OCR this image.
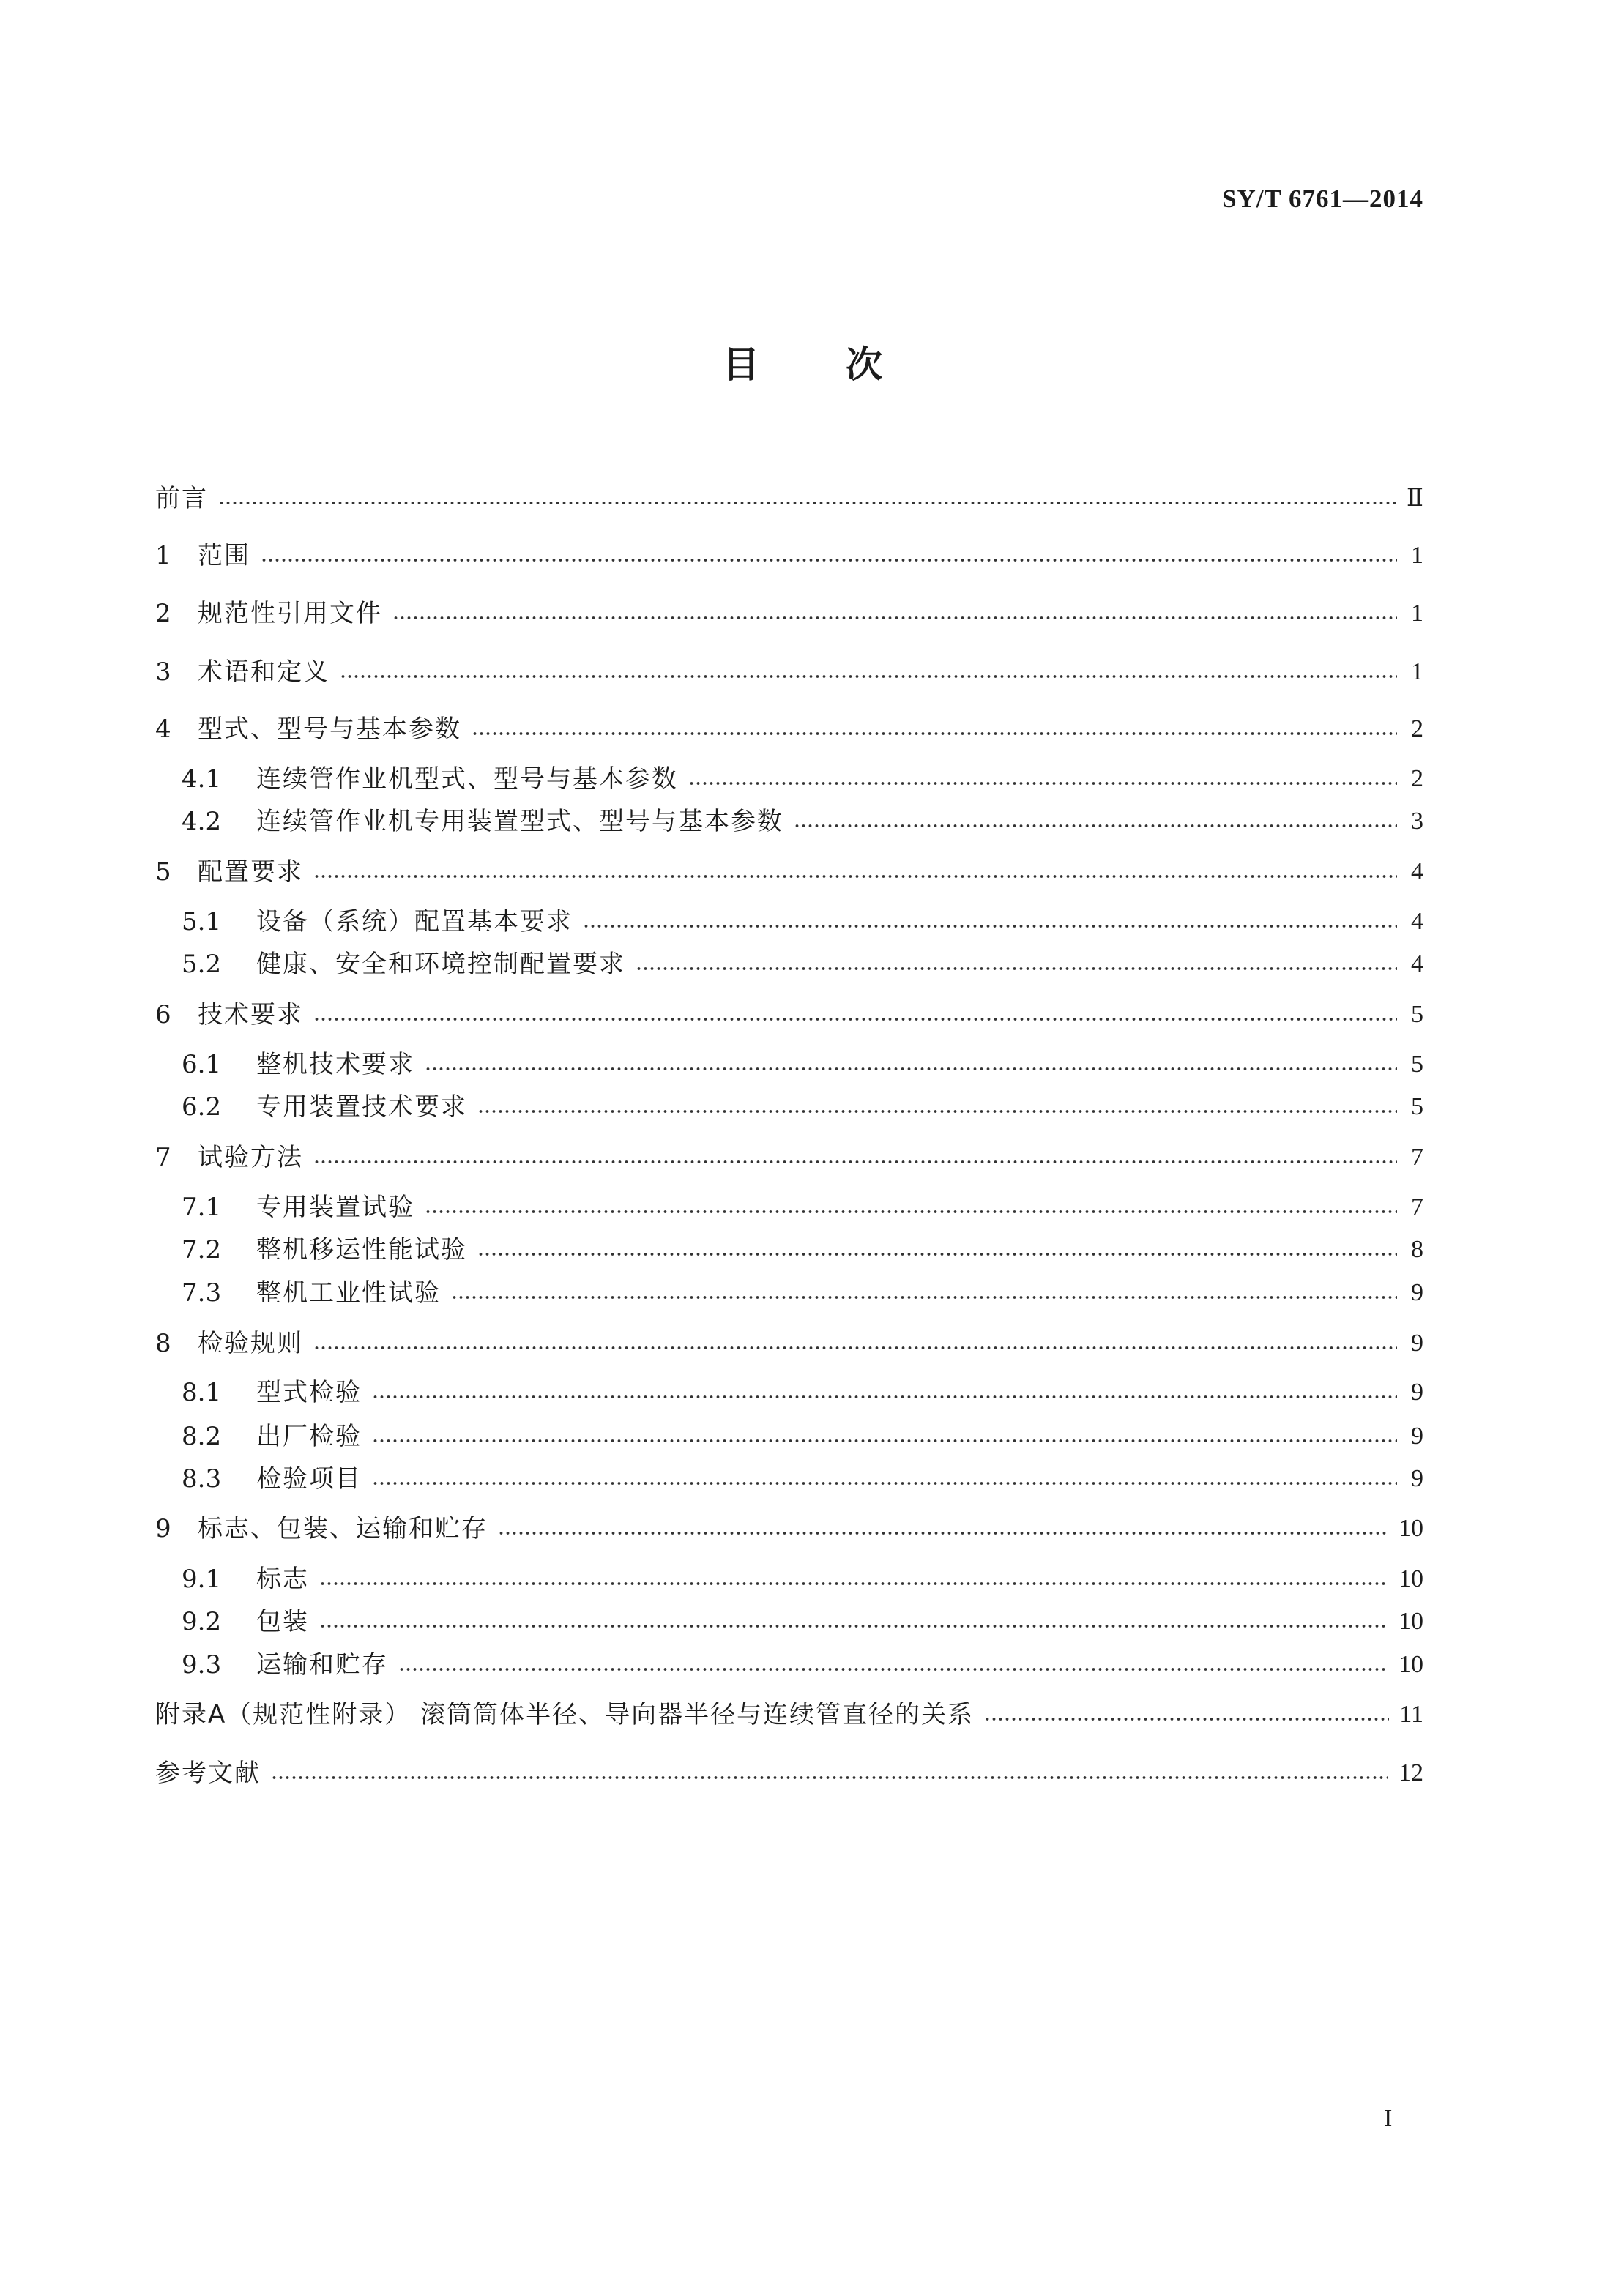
SY/T 6761—2014
目次
前言	Ⅱ
1	范围	1
2	规范性引用文件	1
3	术语和定义	1
4	型式、型号与基本参数	2
4.1	连续管作业机型式、型号与基本参数	2
4.2	连续管作业机专用装置型式、型号与基本参数	3
5	配置要求	4
5.1	设备（系统）配置基本要求	4
5.2	健康、安全和环境控制配置要求	4
6	技术要求	5
6.1	整机技术要求	5
6.2	专用装置技术要求	5
7	试验方法	7
7.1	专用装置试验	7
7.2	整机移运性能试验	8
7.3	整机工业性试验	9
8	检验规则	9
8.1	型式检验	9
8.2	出厂检验	9
8.3	检验项目	9
9	标志、包装、运输和贮存	10
9.1	标志	10
9.2	包装	10
9.3	运输和贮存	10
附录A（规范性附录） 滚筒筒体半径、导向器半径与连续管直径的关系	11
参考文献	12
I
